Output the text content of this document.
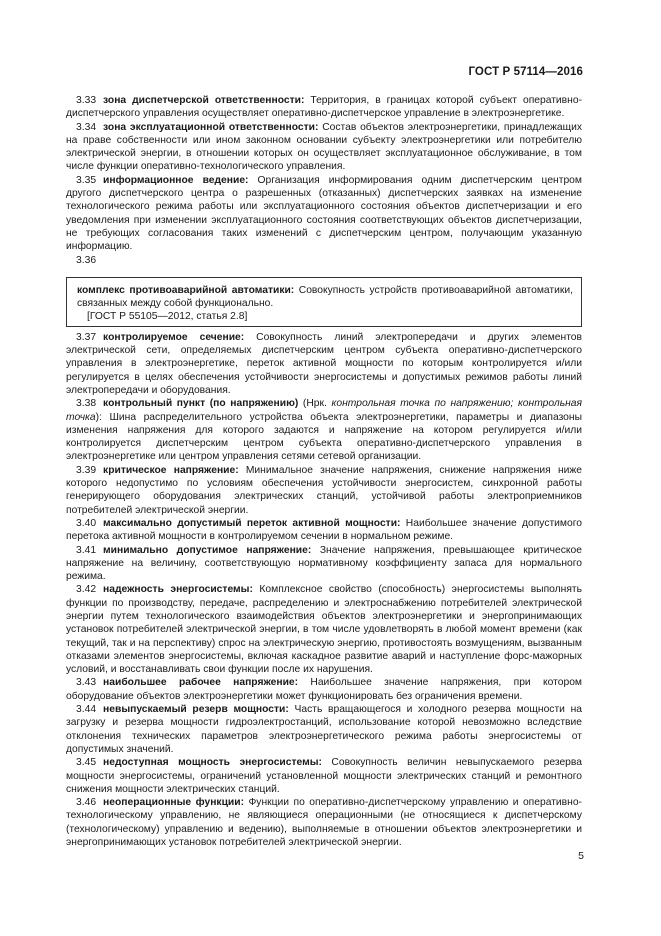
ГОСТ Р 57114—2016

3.33 зона диспетчерской ответственности: Территория, в границах которой субъект оперативно-диспетчерского управления осуществляет оперативно-диспетчерское управление в электроэнергетике.

3.34 зона эксплуатационной ответственности: Состав объектов электроэнергетики, принадлежащих на праве собственности или ином законном основании субъекту электроэнергетики или потребителю электрической энергии, в отношении которых он осуществляет эксплуатационное обслуживание, в том числе функции оперативно-технологического управления.

3.35 информационное ведение: Организация информирования одним диспетчерским центром другого диспетчерского центра о разрешенных (отказанных) диспетчерских заявках на изменение технологического режима работы или эксплуатационного состояния объектов диспетчеризации и его уведомления при изменении эксплуатационного состояния соответствующих объектов диспетчеризации, не требующих согласования таких изменений с диспетчерским центром, получающим указанную информацию.

3.36

комплекс противоаварийной автоматики: Совокупность устройств противоаварийной автоматики, связанных между собой функционально.

[ГОСТ Р 55105—2012, статья 2.8]

3.37 контролируемое сечение: Совокупность линий электропередачи и других элементов электрической сети, определяемых диспетчерским центром субъекта оперативно-диспетчерского управления в электроэнергетике, переток активной мощности по которым контролируется и/или регулируется в целях обеспечения устойчивости энергосистемы и допустимых режимов работы линий электропередачи и оборудования.

3.38 контрольный пункт (по напряжению) (Нрк. контрольная точка по напряжению; контрольная точка): Шина распределительного устройства объекта электроэнергетики, параметры и диапазоны изменения напряжения для которого задаются и напряжение на котором регулируется и/или контролируется диспетчерским центром субъекта оперативно-диспетчерского управления в электроэнергетике или центром управления сетями сетевой организации.

3.39 критическое напряжение: Минимальное значение напряжения, снижение напряжения ниже которого недопустимо по условиям обеспечения устойчивости энергосистем, синхронной работы генерирующего оборудования электрических станций, устойчивой работы электроприемников потребителей электрической энергии.

3.40 максимально допустимый переток активной мощности: Наибольшее значение допустимого перетока активной мощности в контролируемом сечении в нормальном режиме.

3.41 минимально допустимое напряжение: Значение напряжения, превышающее критическое напряжение на величину, соответствующую нормативному коэффициенту запаса для нормального режима.

3.42 надежность энергосистемы: Комплексное свойство (способность) энергосистемы выполнять функции по производству, передаче, распределению и электроснабжению потребителей электрической энергии путем технологического взаимодействия объектов электроэнергетики и энергопринимающих установок потребителей электрической энергии, в том числе удовлетворять в любой момент времени (как текущий, так и на перспективу) спрос на электрическую энергию, противостоять возмущениям, вызванным отказами элементов энергосистемы, включая каскадное развитие аварий и наступление форс-мажорных условий, и восстанавливать свои функции после их нарушения.

3.43 наибольшее рабочее напряжение: Наибольшее значение напряжения, при котором оборудование объектов электроэнергетики может функционировать без ограничения времени.

3.44 невыпускаемый резерв мощности: Часть вращающегося и холодного резерва мощности на загрузку и резерва мощности гидроэлектростанций, использование которой невозможно вследствие отклонения технических параметров электроэнергетического режима работы энергосистемы от допустимых значений.

3.45 недоступная мощность энергосистемы: Совокупность величин невыпускаемого резерва мощности энергосистемы, ограничений установленной мощности электрических станций и ремонтного снижения мощности электрических станций.

3.46 неоперационные функции: Функции по оперативно-диспетчерскому управлению и оперативно-технологическому управлению, не являющиеся операционными (не относящиеся к диспетчерскому (технологическому) управлению и ведению), выполняемые в отношении объектов электроэнергетики и энергопринимающих установок потребителей электрической энергии.

5
